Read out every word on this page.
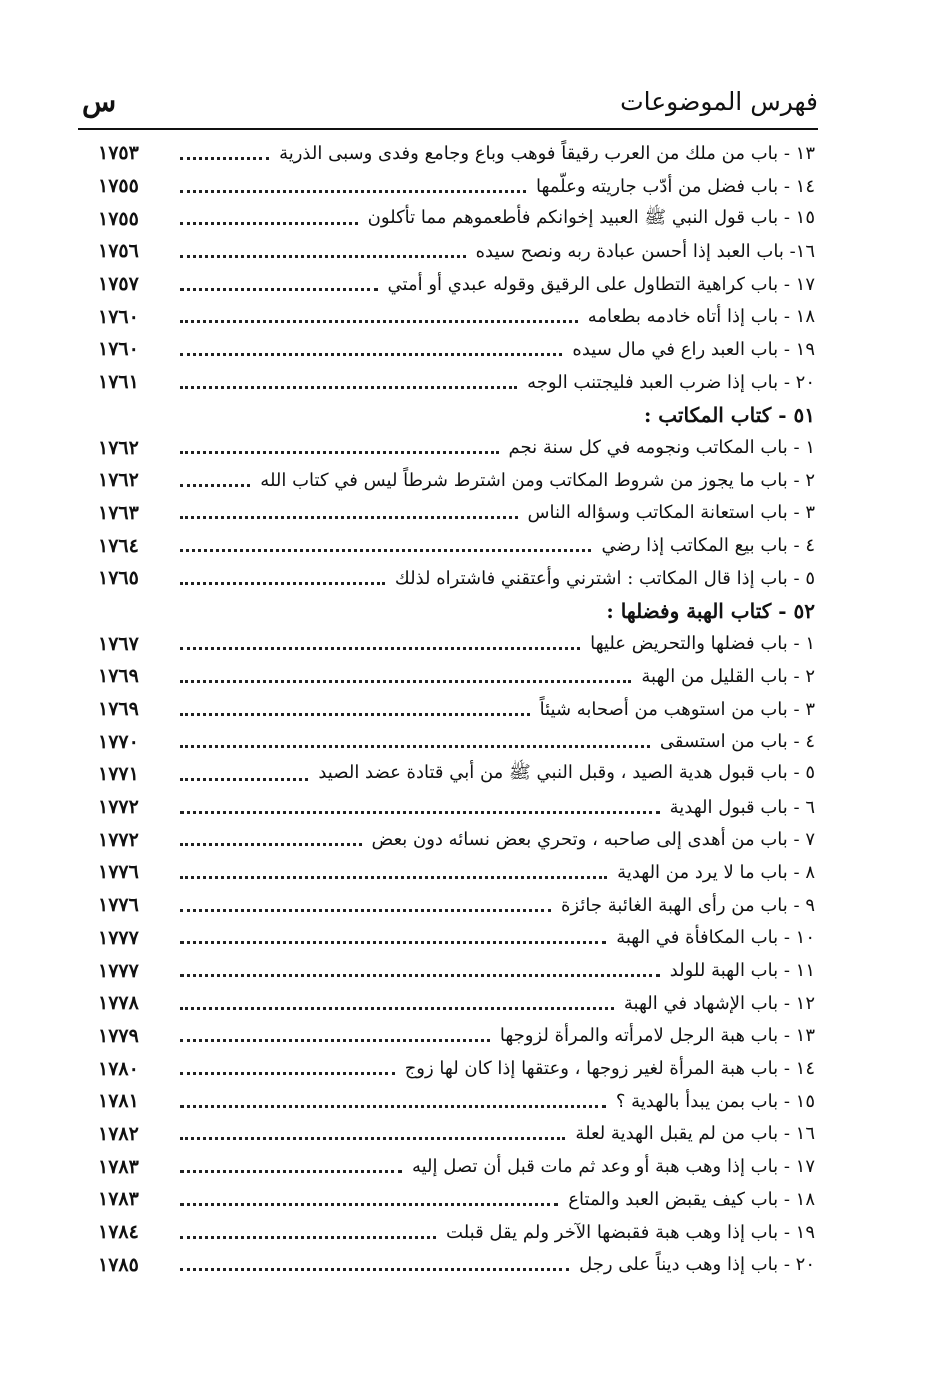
فهرس الموضوعات
س
١٧٥٣	١٣ - باب من ملك من العرب رقيقاً فوهب وباع وجامع وفدى وسبى الذرية
١٧٥٥	١٤ - باب فضل من أدّب جاريته وعلّمها
١٧٥٥	١٥ - باب قول النبي ﷺ العبيد إخوانكم فأطعموهم مما تأكلون
١٧٥٦	١٦- باب العبد إذا أحسن عبادة ربه ونصح سيده
١٧٥٧	١٧ - باب كراهية التطاول على الرقيق وقوله عبدي أو أمتي
١٧٦٠	١٨ - باب إذا أتاه خادمه بطعامه
١٧٦٠	١٩ - باب العبد راع في مال سيده
١٧٦١	٢٠ - باب إذا ضرب العبد فليجتنب الوجه
٥١ - كتاب المكاتب :
١٧٦٢	١ - باب المكاتب ونجومه في كل سنة نجم
١٧٦٢	٢ - باب ما يجوز من شروط المكاتب ومن اشترط شرطاً ليس في كتاب الله
١٧٦٣	٣ - باب استعانة المكاتب وسؤاله الناس
١٧٦٤	٤ - باب بيع المكاتب إذا رضي
١٧٦٥	٥ - باب إذا قال المكاتب : اشترني وأعتقني فاشتراه لذلك
٥٢ - كتاب الهبة وفضلها :
١٧٦٧	١ - باب فضلها والتحريض عليها
١٧٦٩	٢ - باب القليل من الهبة
١٧٦٩	٣ - باب من استوهب من أصحابه شيئاً
١٧٧٠	٤ - باب من استسقى
١٧٧١	٥ - باب قبول هدية الصيد ، وقبل النبي ﷺ من أبي قتادة عضد الصيد
١٧٧٢	٦ - باب قبول الهدية
١٧٧٢	٧ - باب من أهدى إلى صاحبه ، وتحري بعض نسائه دون بعض
١٧٧٦	٨ - باب ما لا يرد من الهدية
١٧٧٦	٩ - باب من رأى الهبة الغائبة جائزة
١٧٧٧	١٠ - باب المكافأة في الهبة
١٧٧٧	١١ - باب الهبة للولد
١٧٧٨	١٢ - باب الإشهاد في الهبة
١٧٧٩	١٣ - باب هبة الرجل لامرأته والمرأة لزوجها
١٧٨٠	١٤ - باب هبة المرأة لغير زوجها ، وعتقها إذا كان لها زوج
١٧٨١	١٥ - باب بمن يبدأ بالهدية ؟
١٧٨٢	١٦ - باب من لم يقبل الهدية لعلة
١٧٨٣	١٧ - باب إذا وهب هبة أو وعد ثم مات قبل أن تصل إليه
١٧٨٣	١٨ - باب كيف يقبض العبد والمتاع
١٧٨٤	١٩ - باب إذا وهب هبة فقبضها الآخر ولم يقل قبلت
١٧٨٥	٢٠ - باب إذا وهب ديناً على رجل
